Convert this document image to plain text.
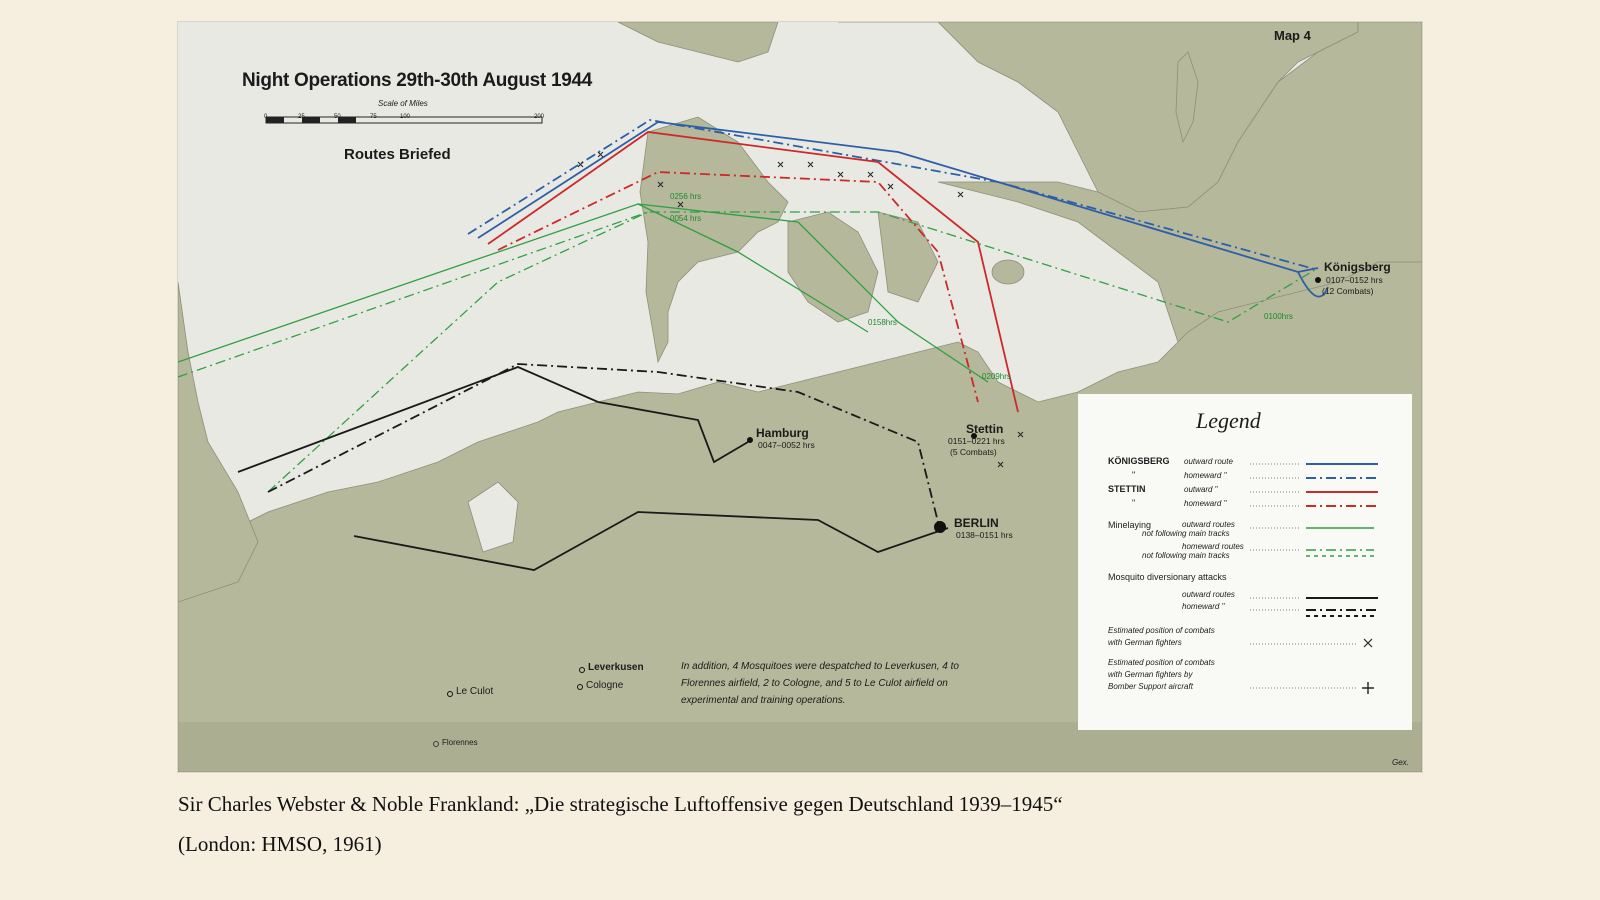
Map 4
Night Operations 29th-30th August 1944
Scale of Miles
0	25	50	75	100	200
Routes Briefed
Königsberg
0107–0152 hrs
(12 Combats)
Stettin
0151–0221 hrs
(5 Combats)
Hamburg
0047–0052 hrs
BERLIN
0138–0151 hrs
Leverkusen
Cologne
Le Culot
Florennes
0256 hrs
0054 hrs
0158hrs
0209hrs
0100hrs
In addition, 4 Mosquitoes were despatched to Leverkusen, 4 to Florennes airfield, 2 to Cologne, and 5 to Le Culot airfield on experimental and training operations.
Gex.
Legend
KÖNIGSBERG outward route
"	homeward "
STETTIN	outward "
"	homeward "
Minelaying	outward routes
not following main tracks
homeward routes
not following main tracks
Mosquito diversionary attacks
outward routes
homeward "
Estimated position of combats
with German fighters
Estimated position of combats
with German fighters by
Bomber Support aircraft
Sir Charles Webster & Noble Frankland: „Die strategische Luftoffensive gegen Deutschland 1939–1945“
(London: HMSO, 1961)
